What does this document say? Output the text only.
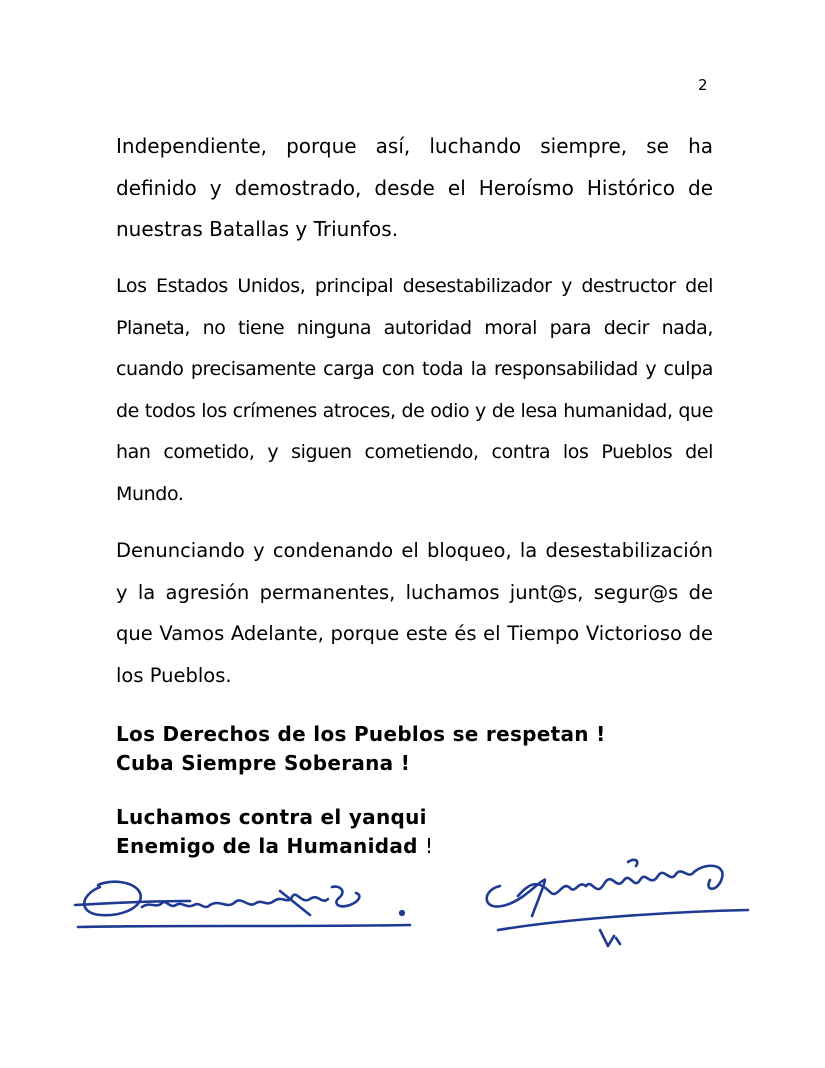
2

Independiente, porque así, luchando siempre, se ha definido y demostrado, desde el Heroísmo Histórico de nuestras Batallas y Triunfos.

Los Estados Unidos, principal desestabilizador y destructor del Planeta, no tiene ninguna autoridad moral para decir nada, cuando precisamente carga con toda la responsabilidad y culpa de todos los crímenes atroces, de odio y de lesa humanidad, que han cometido, y siguen cometiendo, contra los Pueblos del Mundo.

Denunciando y condenando el bloqueo, la desestabilización y la agresión permanentes, luchamos junt@s, segur@s de que Vamos Adelante, porque este és el Tiempo Victorioso de los Pueblos.

Los Derechos de los Pueblos se respetan !
Cuba Siempre Soberana !
Luchamos contra el yanqui
Enemigo de la Humanidad !
